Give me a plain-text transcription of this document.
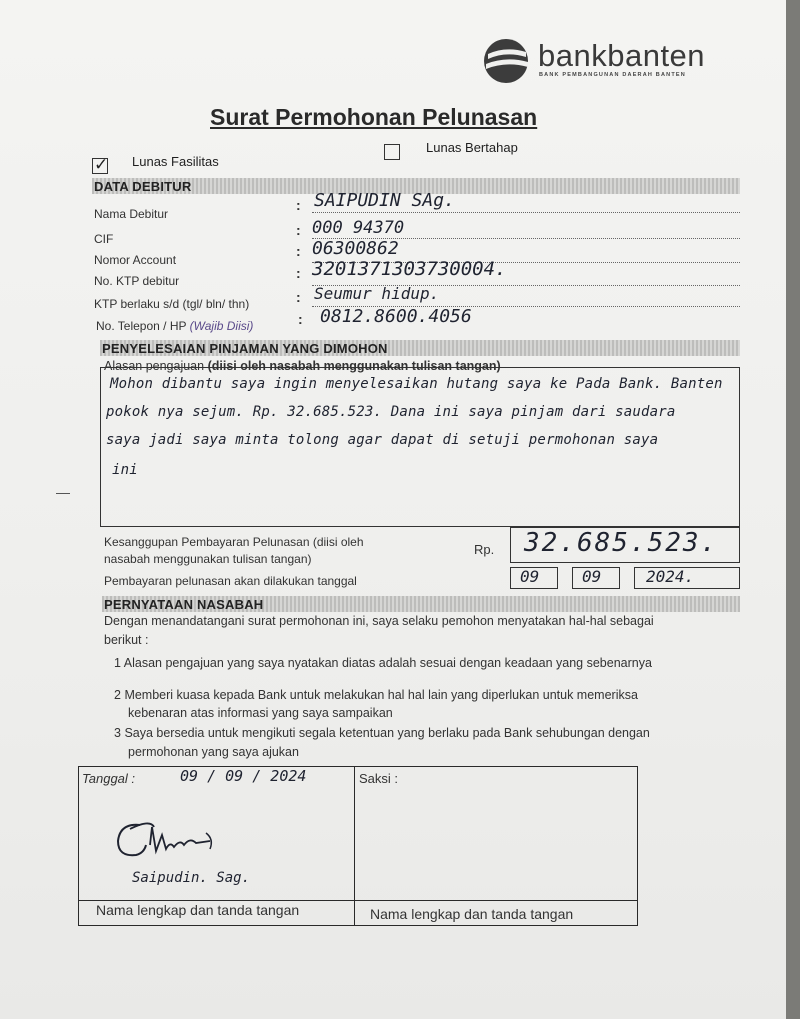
bankbanten
BANK PEMBANGUNAN DAERAH BANTEN
Surat Permohonan Pelunasan
✓
Lunas Fasilitas
Lunas Bertahap
DATA DEBITUR
Nama Debitur
: SAIPUDIN SAg.
CIF
: 000 94370
Nomor Account
: 06300862
No. KTP debitur	: 3201371303730004.
KTP berlaku s/d (tgl/ bln/ thn)	: Seumur hidup.
No. Telepon / HP (Wajib Diisi)	: 0812.8600.4056
PENYELESAIAN PINJAMAN YANG DIMOHON
Alasan pengajuan (diisi oleh nasabah menggunakan tulisan tangan)
Mohon dibantu saya ingin menyelesaikan hutang saya ke Pada Bank. Banten
pokok nya sejum. Rp. 32.685.523. Dana ini saya pinjam dari saudara
saya jadi saya minta tolong agar dapat di setuji permohonan saya
ini
Kesanggupan Pembayaran Pelunasan (diisi oleh
nasabah menggunakan tulisan tangan)
Rp. 32.685.523.
Pembayaran pelunasan akan dilakukan tanggal	09	09	2024.
PERNYATAAN NASABAH
Dengan menandatangani surat permohonan ini, saya selaku pemohon menyatakan hal-hal sebagai
berikut :
1 Alasan pengajuan yang saya nyatakan diatas adalah sesuai dengan keadaan yang sebenarnya
2 Memberi kuasa kepada Bank untuk melakukan hal hal lain yang diperlukan untuk memeriksa
kebenaran atas informasi yang saya sampaikan
3 Saya bersedia untuk mengikuti segala ketentuan yang berlaku pada Bank sehubungan dengan
permohonan yang saya ajukan
Tanggal :	09 / 09 / 2024	Saksi :
Saipudin. Sag.
Nama lengkap dan tanda tangan	Nama lengkap dan tanda tangan
